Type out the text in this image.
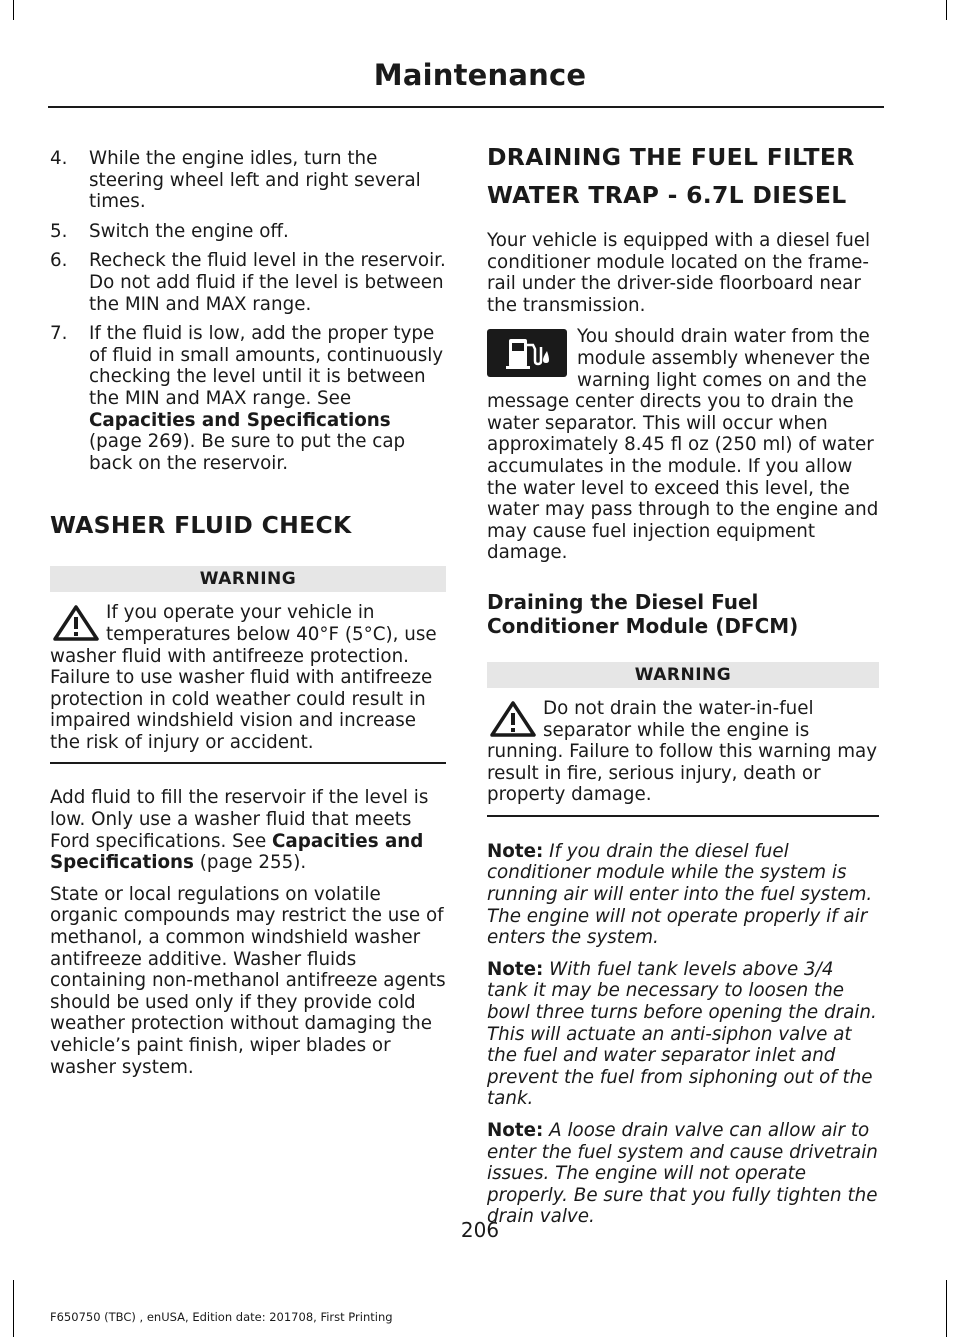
Maintenance
4. While the engine idles, turn the steering wheel left and right several times.
5. Switch the engine off.
6. Recheck the fluid level in the reservoir. Do not add fluid if the level is between the MIN and MAX range.
7. If the fluid is low, add the proper type of fluid in small amounts, continuously checking the level until it is between the MIN and MAX range. See Capacities and Specifications (page 269). Be sure to put the cap back on the reservoir.
WASHER FLUID CHECK
WARNING

If you operate your vehicle in temperatures below 40°F (5°C), use washer fluid with antifreeze protection. Failure to use washer fluid with antifreeze protection in cold weather could result in impaired windshield vision and increase the risk of injury or accident.

Add fluid to fill the reservoir if the level is low. Only use a washer fluid that meets Ford specifications. See Capacities and Specifications (page 255).

State or local regulations on volatile organic compounds may restrict the use of methanol, a common windshield washer antifreeze additive. Washer fluids containing non-methanol antifreeze agents should be used only if they provide cold weather protection without damaging the vehicle’s paint finish, wiper blades or washer system.

DRAINING THE FUEL FILTER
WATER TRAP - 6.7L DIESEL

Your vehicle is equipped with a diesel fuel conditioner module located on the frame-rail under the driver-side floorboard near the transmission.

You should drain water from the module assembly whenever the warning light comes on and the message center directs you to drain the water separator. This will occur when approximately 8.45 fl oz (250 ml) of water accumulates in the module. If you allow the water level to exceed this level, the water may pass through to the engine and may cause fuel injection equipment damage.

Draining the Diesel Fuel Conditioner Module (DFCM)
WARNING

Do not drain the water-in-fuel separator while the engine is running. Failure to follow this warning may result in fire, serious injury, death or property damage.

Note: If you drain the diesel fuel conditioner module while the system is running air will enter into the fuel system. The engine will not operate properly if air enters the system.

Note: With fuel tank levels above 3/4 tank it may be necessary to loosen the bowl three turns before opening the drain. This will actuate an anti-siphon valve at the fuel and water separator inlet and prevent the fuel from siphoning out of the tank.

Note: A loose drain valve can allow air to enter the fuel system and cause drivetrain issues. The engine will not operate properly. Be sure that you fully tighten the drain valve.

206
F650750 (TBC) , enUSA, Edition date: 201708, First Printing
